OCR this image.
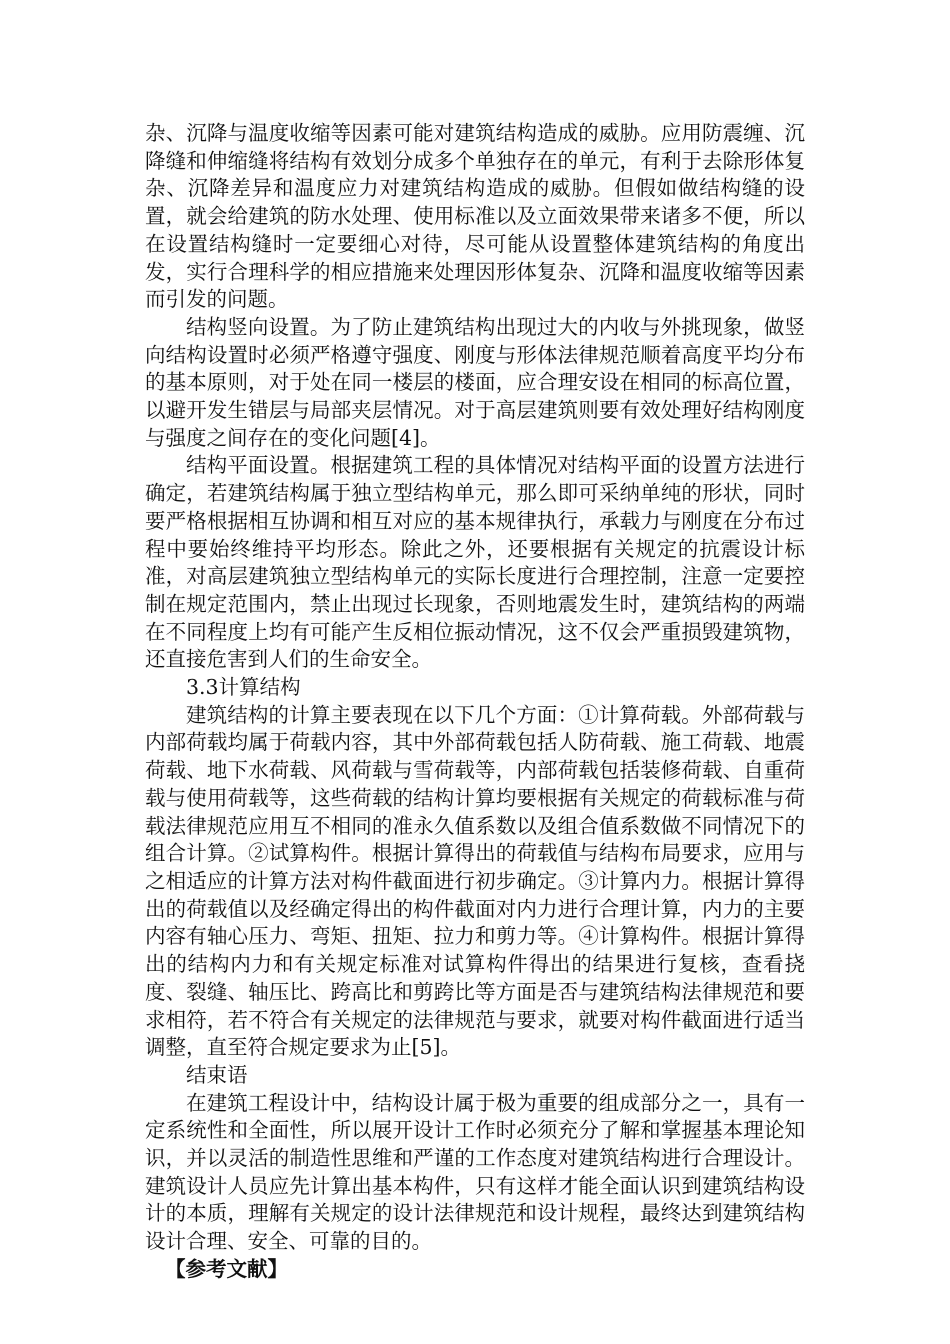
杂、沉降与温度收缩等因素可能对建筑结构造成的威胁。应用防震缠、沉降缝和伸缩缝将结构有效划分成多个单独存在的单元，有利于去除形体复杂、沉降差异和温度应力对建筑结构造成的威胁。但假如做结构缝的设置，就会给建筑的防水处理、使用标准以及立面效果带来诸多不便，所以在设置结构缝时一定要细心对待，尽可能从设置整体建筑结构的角度出发，实行合理科学的相应措施来处理因形体复杂、沉降和温度收缩等因素而引发的问题。

结构竖向设置。为了防止建筑结构出现过大的内收与外挑现象，做竖向结构设置时必须严格遵守强度、刚度与形体法律规范顺着高度平均分布的基本原则，对于处在同一楼层的楼面，应合理安设在相同的标高位置，以避开发生错层与局部夹层情况。对于高层建筑则要有效处理好结构刚度与强度之间存在的变化问题[4]。

结构平面设置。根据建筑工程的具体情况对结构平面的设置方法进行确定，若建筑结构属于独立型结构单元，那么即可采纳单纯的形状，同时要严格根据相互协调和相互对应的基本规律执行，承载力与刚度在分布过程中要始终维持平均形态。除此之外，还要根据有关规定的抗震设计标准，对高层建筑独立型结构单元的实际长度进行合理控制，注意一定要控制在规定范围内，禁止出现过长现象，否则地震发生时，建筑结构的两端在不同程度上均有可能产生反相位振动情况，这不仅会严重损毁建筑物，还直接危害到人们的生命安全。

3.3计算结构

建筑结构的计算主要表现在以下几个方面：①计算荷载。外部荷载与内部荷载均属于荷载内容，其中外部荷载包括人防荷载、施工荷载、地震荷载、地下水荷载、风荷载与雪荷载等，内部荷载包括装修荷载、自重荷载与使用荷载等，这些荷载的结构计算均要根据有关规定的荷载标准与荷载法律规范应用互不相同的准永久值系数以及组合值系数做不同情况下的组合计算。②试算构件。根据计算得出的荷载值与结构布局要求，应用与之相适应的计算方法对构件截面进行初步确定。③计算内力。根据计算得出的荷载值以及经确定得出的构件截面对内力进行合理计算，内力的主要内容有轴心压力、弯矩、扭矩、拉力和剪力等。④计算构件。根据计算得出的结构内力和有关规定标准对试算构件得出的结果进行复核，查看挠度、裂缝、轴压比、跨高比和剪跨比等方面是否与建筑结构法律规范和要求相符，若不符合有关规定的法律规范与要求，就要对构件截面进行适当调整，直至符合规定要求为止[5]。

结束语

在建筑工程设计中，结构设计属于极为重要的组成部分之一，具有一定系统性和全面性，所以展开设计工作时必须充分了解和掌握基本理论知识，并以灵活的制造性思维和严谨的工作态度对建筑结构进行合理设计。建筑设计人员应先计算出基本构件，只有这样才能全面认识到建筑结构设计的本质，理解有关规定的设计法律规范和设计规程，最终达到建筑结构设计合理、安全、可靠的目的。

【参考文献】
